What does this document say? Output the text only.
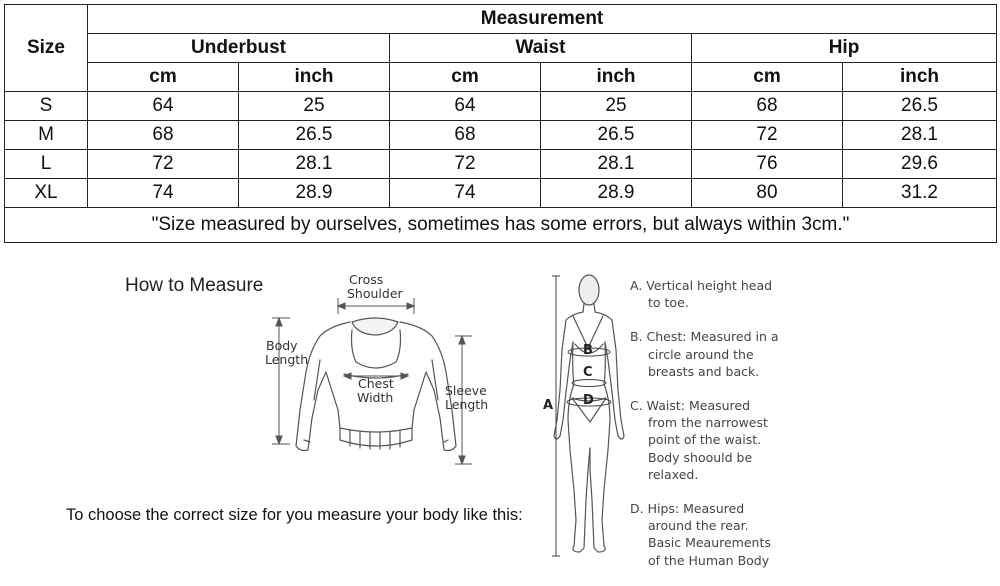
Size	Measurement					
	Underbust		Waist		Hip	
	cm	inch	cm	inch	cm	inch
S	64	25	64	25	68	26.5
M	68	26.5	68	26.5	72	28.1
L	72	28.1	72	28.1	76	29.6
XL	74	28.9	74	28.9	80	31.2
"Size measured by ourselves, sometimes has some errors, but always within 3cm."						
How to Measure	Cross
Shoulder
Body
Length
Chest
Width	Sleeve
Length	A
B
C
D
To choose the correct size for you measure your body like this:
A. Vertical height head
to toe.
B. Chest: Measured in a
circle around the
breasts and back.
C. Waist: Measured
from the narrowest
point of the waist.
Body shoould be
relaxed.
D. Hips: Measured
around the rear.
Basic Meaurements
of the Human Body
